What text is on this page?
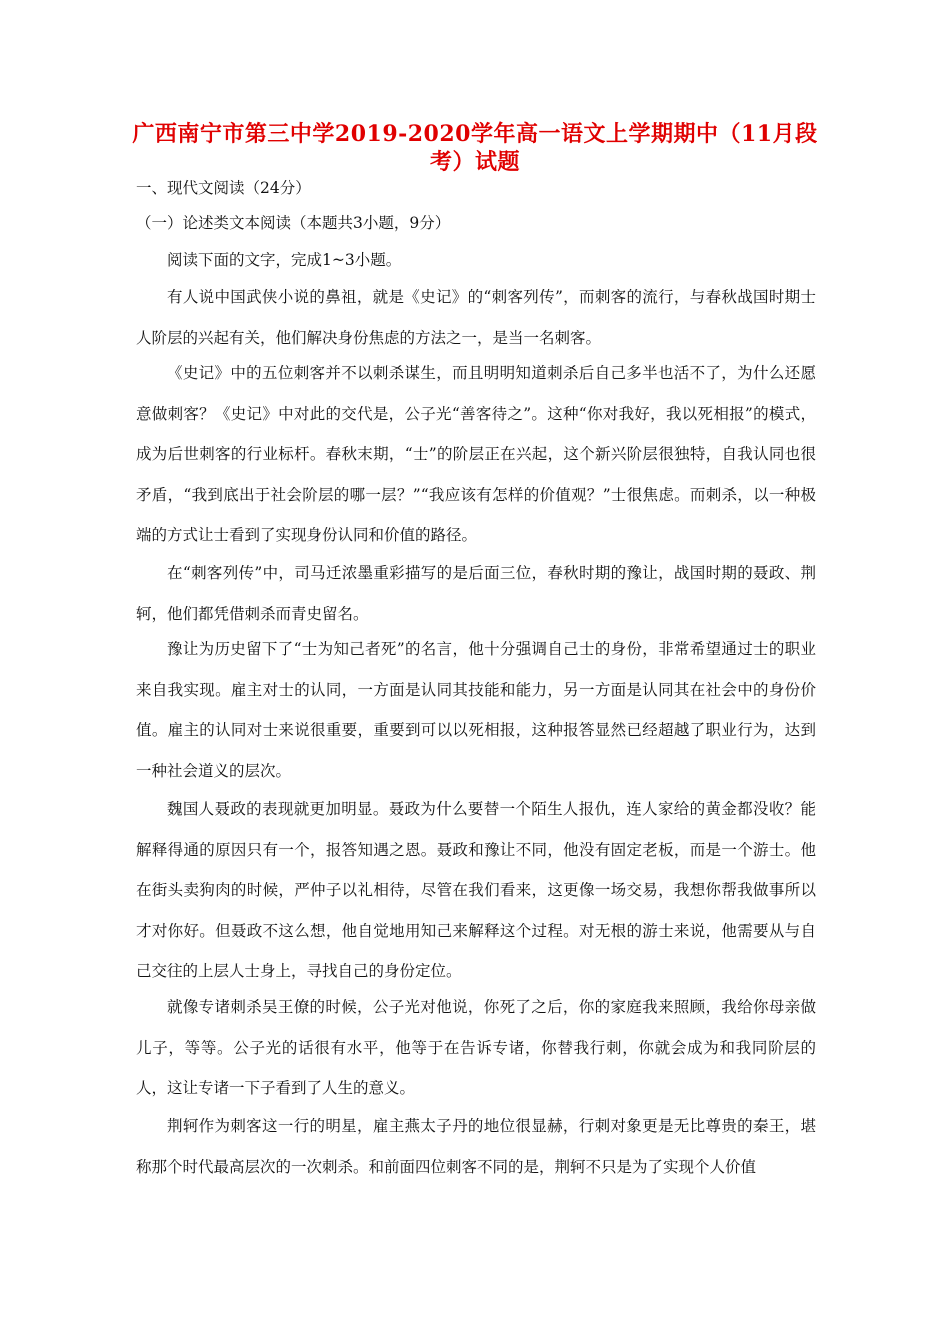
广西南宁市第三中学2019-2020学年高一语文上学期期中（11月段考）试题
一、现代文阅读（24分）
（一）论述类文本阅读（本题共3小题，9分）
阅读下面的文字，完成1~3小题。
有人说中国武侠小说的鼻祖，就是《史记》的“刺客列传”，而刺客的流行，与春秋战国时期士人阶层的兴起有关，他们解决身份焦虑的方法之一，是当一名刺客。
《史记》中的五位刺客并不以刺杀谋生，而且明明知道刺杀后自己多半也活不了，为什么还愿意做刺客？《史记》中对此的交代是，公子光“善客待之”。这种“你对我好，我以死相报”的模式，成为后世刺客的行业标杆。春秋末期，“士”的阶层正在兴起，这个新兴阶层很独特，自我认同也很矛盾，“我到底出于社会阶层的哪一层？”“我应该有怎样的价值观？”士很焦虑。而刺杀，以一种极端的方式让士看到了实现身份认同和价值的路径。
在“刺客列传”中，司马迁浓墨重彩描写的是后面三位，春秋时期的豫让，战国时期的聂政、荆轲，他们都凭借刺杀而青史留名。
豫让为历史留下了“士为知己者死”的名言，他十分强调自己士的身份，非常希望通过士的职业来自我实现。雇主对士的认同，一方面是认同其技能和能力，另一方面是认同其在社会中的身份价值。雇主的认同对士来说很重要，重要到可以以死相报，这种报答显然已经超越了职业行为，达到一种社会道义的层次。
魏国人聂政的表现就更加明显。聂政为什么要替一个陌生人报仇，连人家给的黄金都没收？能解释得通的原因只有一个，报答知遇之恩。聂政和豫让不同，他没有固定老板，而是一个游士。他在街头卖狗肉的时候，严仲子以礼相待，尽管在我们看来，这更像一场交易，我想你帮我做事所以才对你好。但聂政不这么想，他自觉地用知己来解释这个过程。对无根的游士来说，他需要从与自己交往的上层人士身上，寻找自己的身份定位。
就像专诸刺杀吴王僚的时候，公子光对他说，你死了之后，你的家庭我来照顾，我给你母亲做儿子，等等。公子光的话很有水平，他等于在告诉专诸，你替我行刺，你就会成为和我同阶层的人，这让专诸一下子看到了人生的意义。
荆轲作为刺客这一行的明星，雇主燕太子丹的地位很显赫，行刺对象更是无比尊贵的秦王，堪称那个时代最高层次的一次刺杀。和前面四位刺客不同的是，荆轲不只是为了实现个人价值
